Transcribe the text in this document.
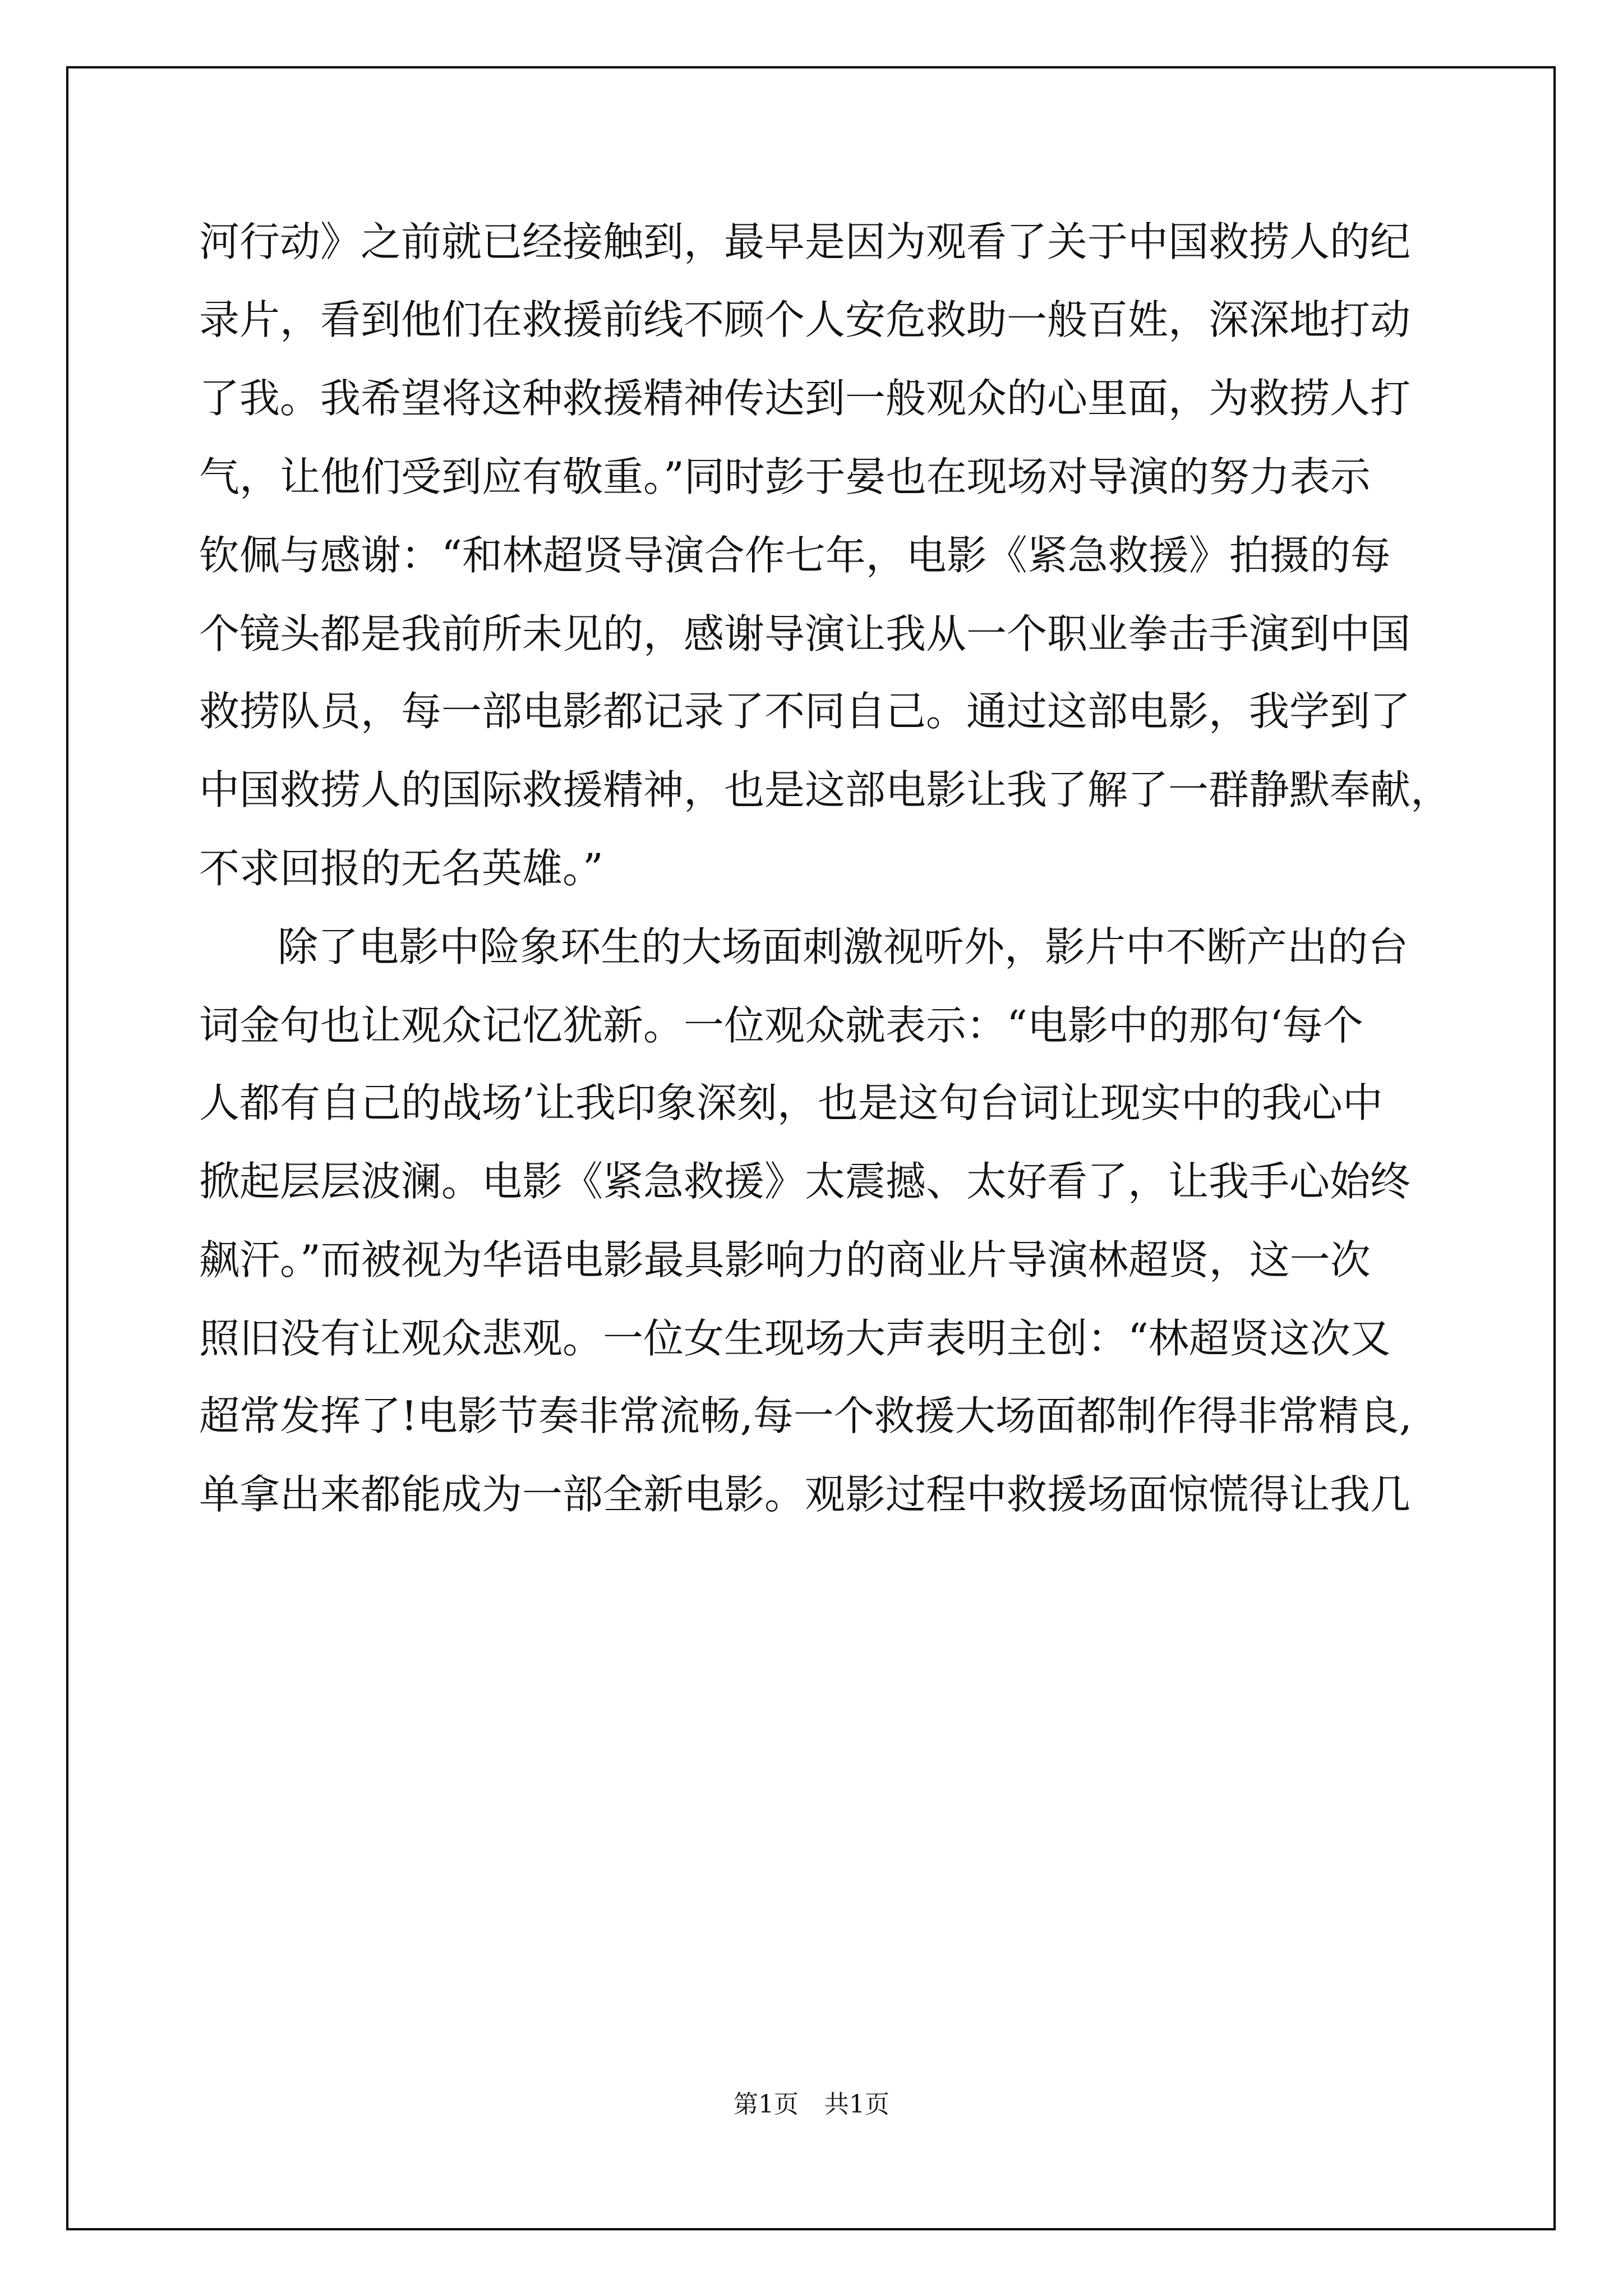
河行动》之前就已经接触到，最早是因为观看了关于中国救捞人的纪

录片，看到他们在救援前线不顾个人安危救助一般百姓，深深地打动

了我。我希望将这种救援精神传达到一般观众的心里面，为救捞人打

气，让他们受到应有敬重。”同时彭于晏也在现场对导演的努力表示

钦佩与感谢：“和林超贤导演合作七年，电影《紧急救援》拍摄的每

个镜头都是我前所未见的，感谢导演让我从一个职业拳击手演到中国

救捞队员，每一部电影都记录了不同自己。通过这部电影，我学到了

中国救捞人的国际救援精神，也是这部电影让我了解了一群静默奉献，

不求回报的无名英雄。”

除了电影中险象环生的大场面刺激视听外，影片中不断产出的台

词金句也让观众记忆犹新。一位观众就表示：“电影中的那句‘每个

人都有自己的战场’让我印象深刻，也是这句台词让现实中的我心中

掀起层层波澜。电影《紧急救援》太震撼、太好看了，让我手心始终

飙汗。”而被视为华语电影最具影响力的商业片导演林超贤，这一次

照旧没有让观众悲观。一位女生现场大声表明主创：“林超贤这次又

超常发挥了!电影节奏非常流畅,每一个救援大场面都制作得非常精良,

单拿出来都能成为一部全新电影。观影过程中救援场面惊慌得让我几

第1页 共1页
